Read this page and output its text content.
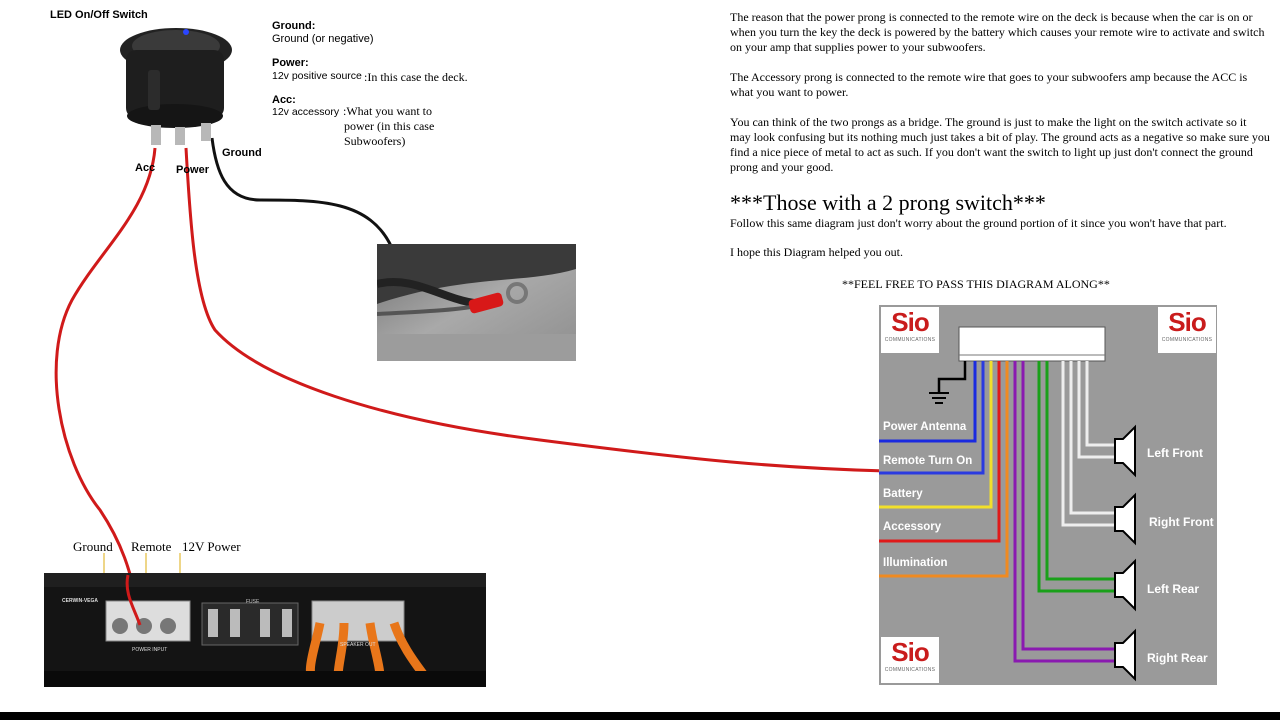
LED On/Off Switch
Acc Power
Ground
Ground:
Ground (or negative)
Power:
12v positive source :In this case the deck.
Acc:
12v accessory :What you want to
power (in this case
Subwoofers)
Ground Remote 12V Power
CERWIN-VEGA	FUSE
POWER INPUT
SPEAKER OUT

The reason that the power prong is connected to the remote wire on the deck is because when the car is on or when you turn the key the deck is powered by the battery which causes your remote wire to activate and switch on your amp that supplies power to your subwoofers.

The Accessory prong is connected to the remote wire that goes to your subwoofers amp because the ACC is what you want to power.

You can think of the two prongs as a bridge. The ground is just to make the light on the switch activate so it may look confusing but its nothing much just takes a bit of play. The ground acts as a negative so make sure you find a nice piece of metal to act as such. If you don't want the switch to light up just don't connect the ground prong and your good.

***Those with a 2 prong switch***

Follow this same diagram just don't worry about the ground portion of it since you won't have that part.

I hope this Diagram helped you out.

**FEEL FREE TO PASS THIS DIAGRAM ALONG**
Power Antenna
Remote Turn On
Battery
Accessory
Illumination
Left Front
Right Front
Left Rear
Right Rear
Sio
COMMUNICATIONS
Sio
COMMUNICATIONS
Sio
COMMUNICATIONS
